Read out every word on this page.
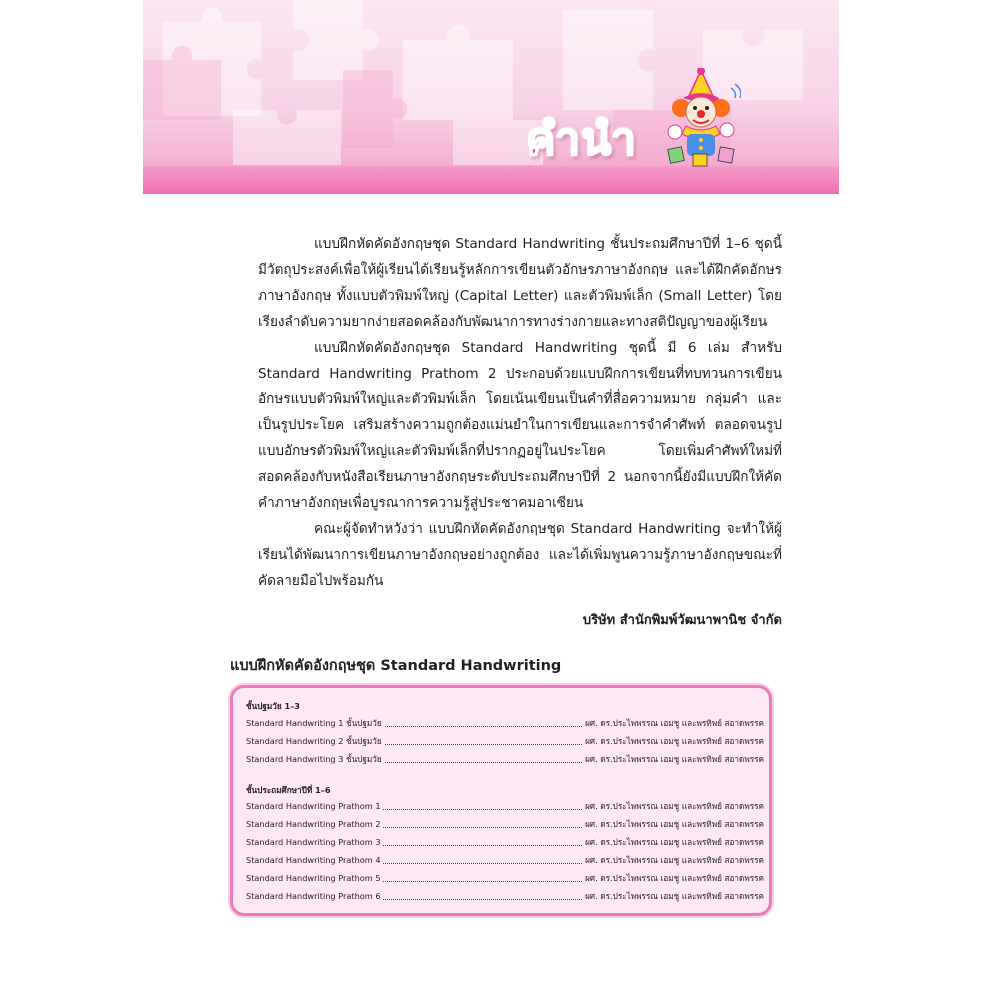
คำนำ

แบบฝึกหัดคัดอังกฤษชุด Standard Handwriting ชั้นประถมศึกษาปีที่ 1–6 ชุดนี้มีวัตถุประสงค์เพื่อให้ผู้เรียนได้เรียนรู้หลักการเขียนตัวอักษรภาษาอังกฤษ และได้ฝึกคัดอักษรภาษาอังกฤษ ทั้งแบบตัวพิมพ์ใหญ่ (Capital Letter) และตัวพิมพ์เล็ก (Small Letter) โดยเรียงลำดับความยากง่ายสอดคล้องกับพัฒนาการทางร่างกายและทางสติปัญญาของผู้เรียน

แบบฝึกหัดคัดอังกฤษชุด Standard Handwriting ชุดนี้ มี 6 เล่ม สำหรับ Standard Handwriting Prathom 2 ประกอบด้วยแบบฝึกการเขียนที่ทบทวนการเขียนอักษรแบบตัวพิมพ์ใหญ่และตัวพิมพ์เล็ก โดยเน้นเขียนเป็นคำที่สื่อความหมาย กลุ่มคำ และเป็นรูปประโยค เสริมสร้างความถูกต้องแม่นยำในการเขียนและการจำคำศัพท์ ตลอดจนรูปแบบอักษรตัวพิมพ์ใหญ่และตัวพิมพ์เล็กที่ปรากฏอยู่ในประโยค โดยเพิ่มคำศัพท์ใหม่ที่สอดคล้องกับหนังสือเรียนภาษาอังกฤษระดับประถมศึกษาปีที่ 2 นอกจากนี้ยังมีแบบฝึกให้คัดคำภาษาอังกฤษเพื่อบูรณาการความรู้สู่ประชาคมอาเซียน

คณะผู้จัดทำหวังว่า แบบฝึกหัดคัดอังกฤษชุด Standard Handwriting จะทำให้ผู้เรียนได้พัฒนาการเขียนภาษาอังกฤษอย่างถูกต้อง และได้เพิ่มพูนความรู้ภาษาอังกฤษขณะที่คัดลายมือไปพร้อมกัน

บริษัท สำนักพิมพ์วัฒนาพานิช จำกัด
แบบฝึกหัดคัดอังกฤษชุด Standard Handwriting
ชั้นปฐมวัย 1–3
Standard Handwriting 1 ชั้นปฐมวัย	ผศ. ดร.ประไพพรรณ เอมชู และพรทิพย์ สอาดพรรค
Standard Handwriting 2 ชั้นปฐมวัย	ผศ. ดร.ประไพพรรณ เอมชู และพรทิพย์ สอาดพรรค
Standard Handwriting 3 ชั้นปฐมวัย	ผศ. ดร.ประไพพรรณ เอมชู และพรทิพย์ สอาดพรรค
ชั้นประถมศึกษาปีที่ 1–6
Standard Handwriting Prathom 1	ผศ. ดร.ประไพพรรณ เอมชู และพรทิพย์ สอาดพรรค
Standard Handwriting Prathom 2	ผศ. ดร.ประไพพรรณ เอมชู และพรทิพย์ สอาดพรรค
Standard Handwriting Prathom 3	ผศ. ดร.ประไพพรรณ เอมชู และพรทิพย์ สอาดพรรค
Standard Handwriting Prathom 4	ผศ. ดร.ประไพพรรณ เอมชู และพรทิพย์ สอาดพรรค
Standard Handwriting Prathom 5	ผศ. ดร.ประไพพรรณ เอมชู และพรทิพย์ สอาดพรรค
Standard Handwriting Prathom 6	ผศ. ดร.ประไพพรรณ เอมชู และพรทิพย์ สอาดพรรค
